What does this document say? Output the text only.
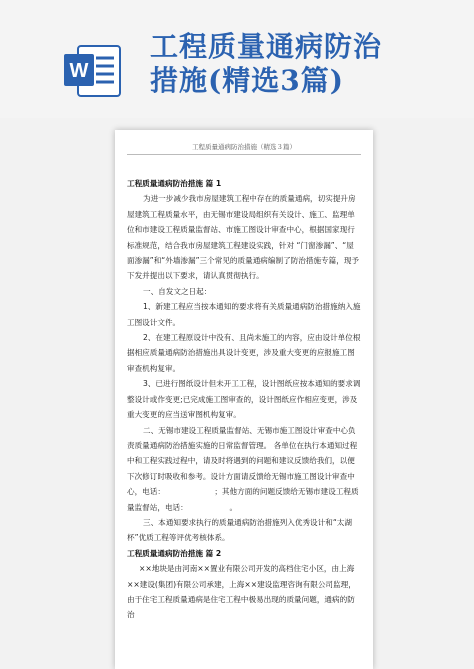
W
工程质量通病防治
措施(精选3篇)
工程质量通病防治措施（精选３篇）

工程质量通病防治措施 篇 1

为进一步减少我市房屋建筑工程中存在的质量通病，切实提升房屋建筑工程质量水平，由无锡市建设局组织有关设计、施工、监理单位和市建设工程质量监督站、市施工图设计审查中心，根据国家现行标准规范，结合我市房屋建筑工程建设实践，针对 “门窗渗漏”、“屋面渗漏”和“外墙渗漏”三个常见的质量通病编制了防治措施专篇，现予下发并提出以下要求，请认真贯彻执行。

一、自发文之日起：

1、新建工程应当按本通知的要求将有关质量通病防治措施纳入施工图设计文件。

2、在建工程原设计中没有、且尚未施工的内容，应由设计单位根据相应质量通病防治措施出具设计变更，涉及重大变更的应报施工图审查机构复审。

3、已进行图纸设计但未开工工程，设计图纸应按本通知的要求调整设计或作变更;已完成施工图审查的，设计图纸应作相应变更，涉及重大变更的应当送审图机构复审。

二、无锡市建设工程质量监督站、无锡市施工图设计审查中心负责质量通病防治措施实施的日常监督管理。 各单位在执行本通知过程中和工程实践过程中，请及时将遇到的问题和建议反馈给我们，以便下次修订时吸收和参考。设计方面请反馈给无锡市施工图设计审查中心，电话：　　　　　　　；其他方面的问题反馈给无锡市建设工程质量监督站，电话：　　　　　　。

三、本通知要求执行的质量通病防治措施列入优秀设计和“太湖杯”优质工程等评优考核体系。

工程质量通病防治措施 篇 2

××地块是由河南××置业有限公司开发的高档住宅小区，由上海××建设(集团)有限公司承建，上海××建设监理咨询有限公司监理，由于住宅工程质量通病是住宅工程中极易出现的质量问题，通病的防治
